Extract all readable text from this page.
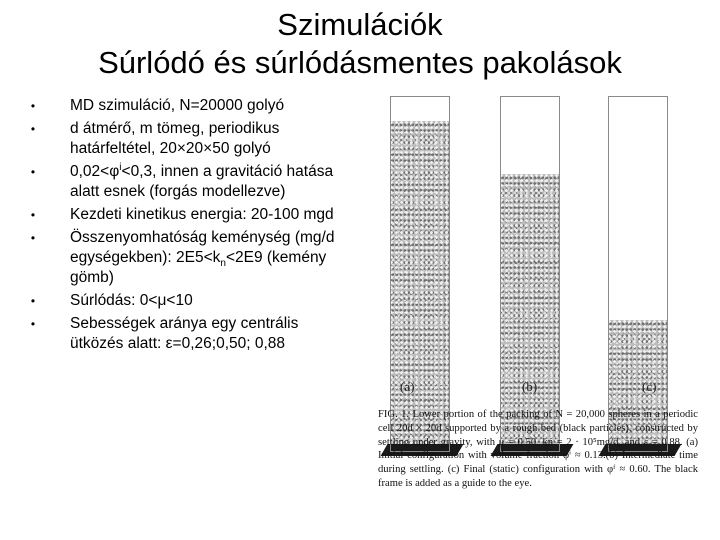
Szimulációk
Súrlódó és súrlódásmentes pakolások
•	MD szimuláció, N=20000 golyó
•	d átmérő, m tömeg, periodikus határfeltétel, 20×20×50 golyó
•	$0,02<\varphi^i<0,3$, innen a gravitáció hatása alatt esnek (forgás modellezve)
•	Kezdeti kinetikus energia: 20-100 mgd
•	Összenyomhatóság keménység (mg/d egységekben): $2E5<k_n<2E9$ (kemény gömb)
•	Súrlódás: 0<μ<10
•	Sebességek aránya egy centrális ütközés alatt: ε=0,26;0,50; 0,88
(a)	(b)	(c)
FIG. 1. Lower portion of the packing of N = 20,000 spheres in a periodic cell 20d × 20d supported by a rough bed (black particles), constructed by settling under gravity, with μ = 0.50, kn = 2 · 10⁵mg/d, and ε = 0.88. (a) Initial configuration with volume fraction φⁱ ≈ 0.13.(b) Intermediate time during settling. (c) Final (static) configuration with φᶠ ≈ 0.60. The black frame is added as a guide to the eye.
